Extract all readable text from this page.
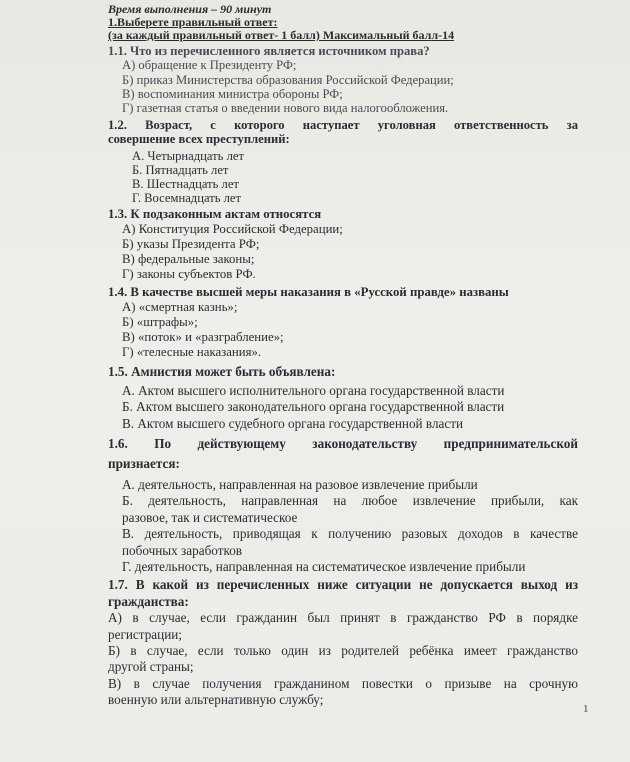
Время выполнения – 90 минут
1.Выберете правильный ответ:
(за каждый правильный ответ- 1 балл) Максимальный балл-14
1.1. Что из перечисленного является источником права?
А) обращение к Президенту РФ;
Б) приказ Министерства образования Российской Федерации;
В) воспоминания министра обороны РФ;
Г) газетная статья о введении нового вида налогообложения.
1.2. Возраст, с которого наступает уголовная ответственность за
совершение всех преступлений:
А. Четырнадцать лет
Б. Пятнадцать лет
В. Шестнадцать лет
Г. Восемнадцать лет
1.3. К подзаконным актам относятся
А) Конституция Российской Федерации;
Б) указы Президента РФ;
В) федеральные законы;
Г) законы субъектов РФ.
1.4. В качестве высшей меры наказания в «Русской правде» названы
А) «смертная казнь»;
Б) «штрафы»;
В) «поток» и «разграбление»;
Г) «телесные наказания».
1.5. Амнистия может быть объявлена:
А. Актом высшего исполнительного органа государственной власти
Б. Актом высшего законодательного органа государственной власти
В. Актом высшего судебного органа государственной власти
1.6. По действующему законодательству предпринимательской
признается:
А. деятельность, направленная на разовое извлечение прибыли
Б. деятельность, направленная на любое извлечение прибыли, как
разовое, так и систематическое
В. деятельность, приводящая к получению разовых доходов в качестве
побочных заработков
Г. деятельность, направленная на систематическое извлечение прибыли
1.7. В какой из перечисленных ниже ситуации не допускается выход из
гражданства:
А) в случае, если гражданин был принят в гражданство РФ в порядке
регистрации;
Б) в случае, если только один из родителей ребёнка имеет гражданство
другой страны;
В) в случае получения гражданином повестки о призыве на срочную
военную или альтернативную службу;
1
